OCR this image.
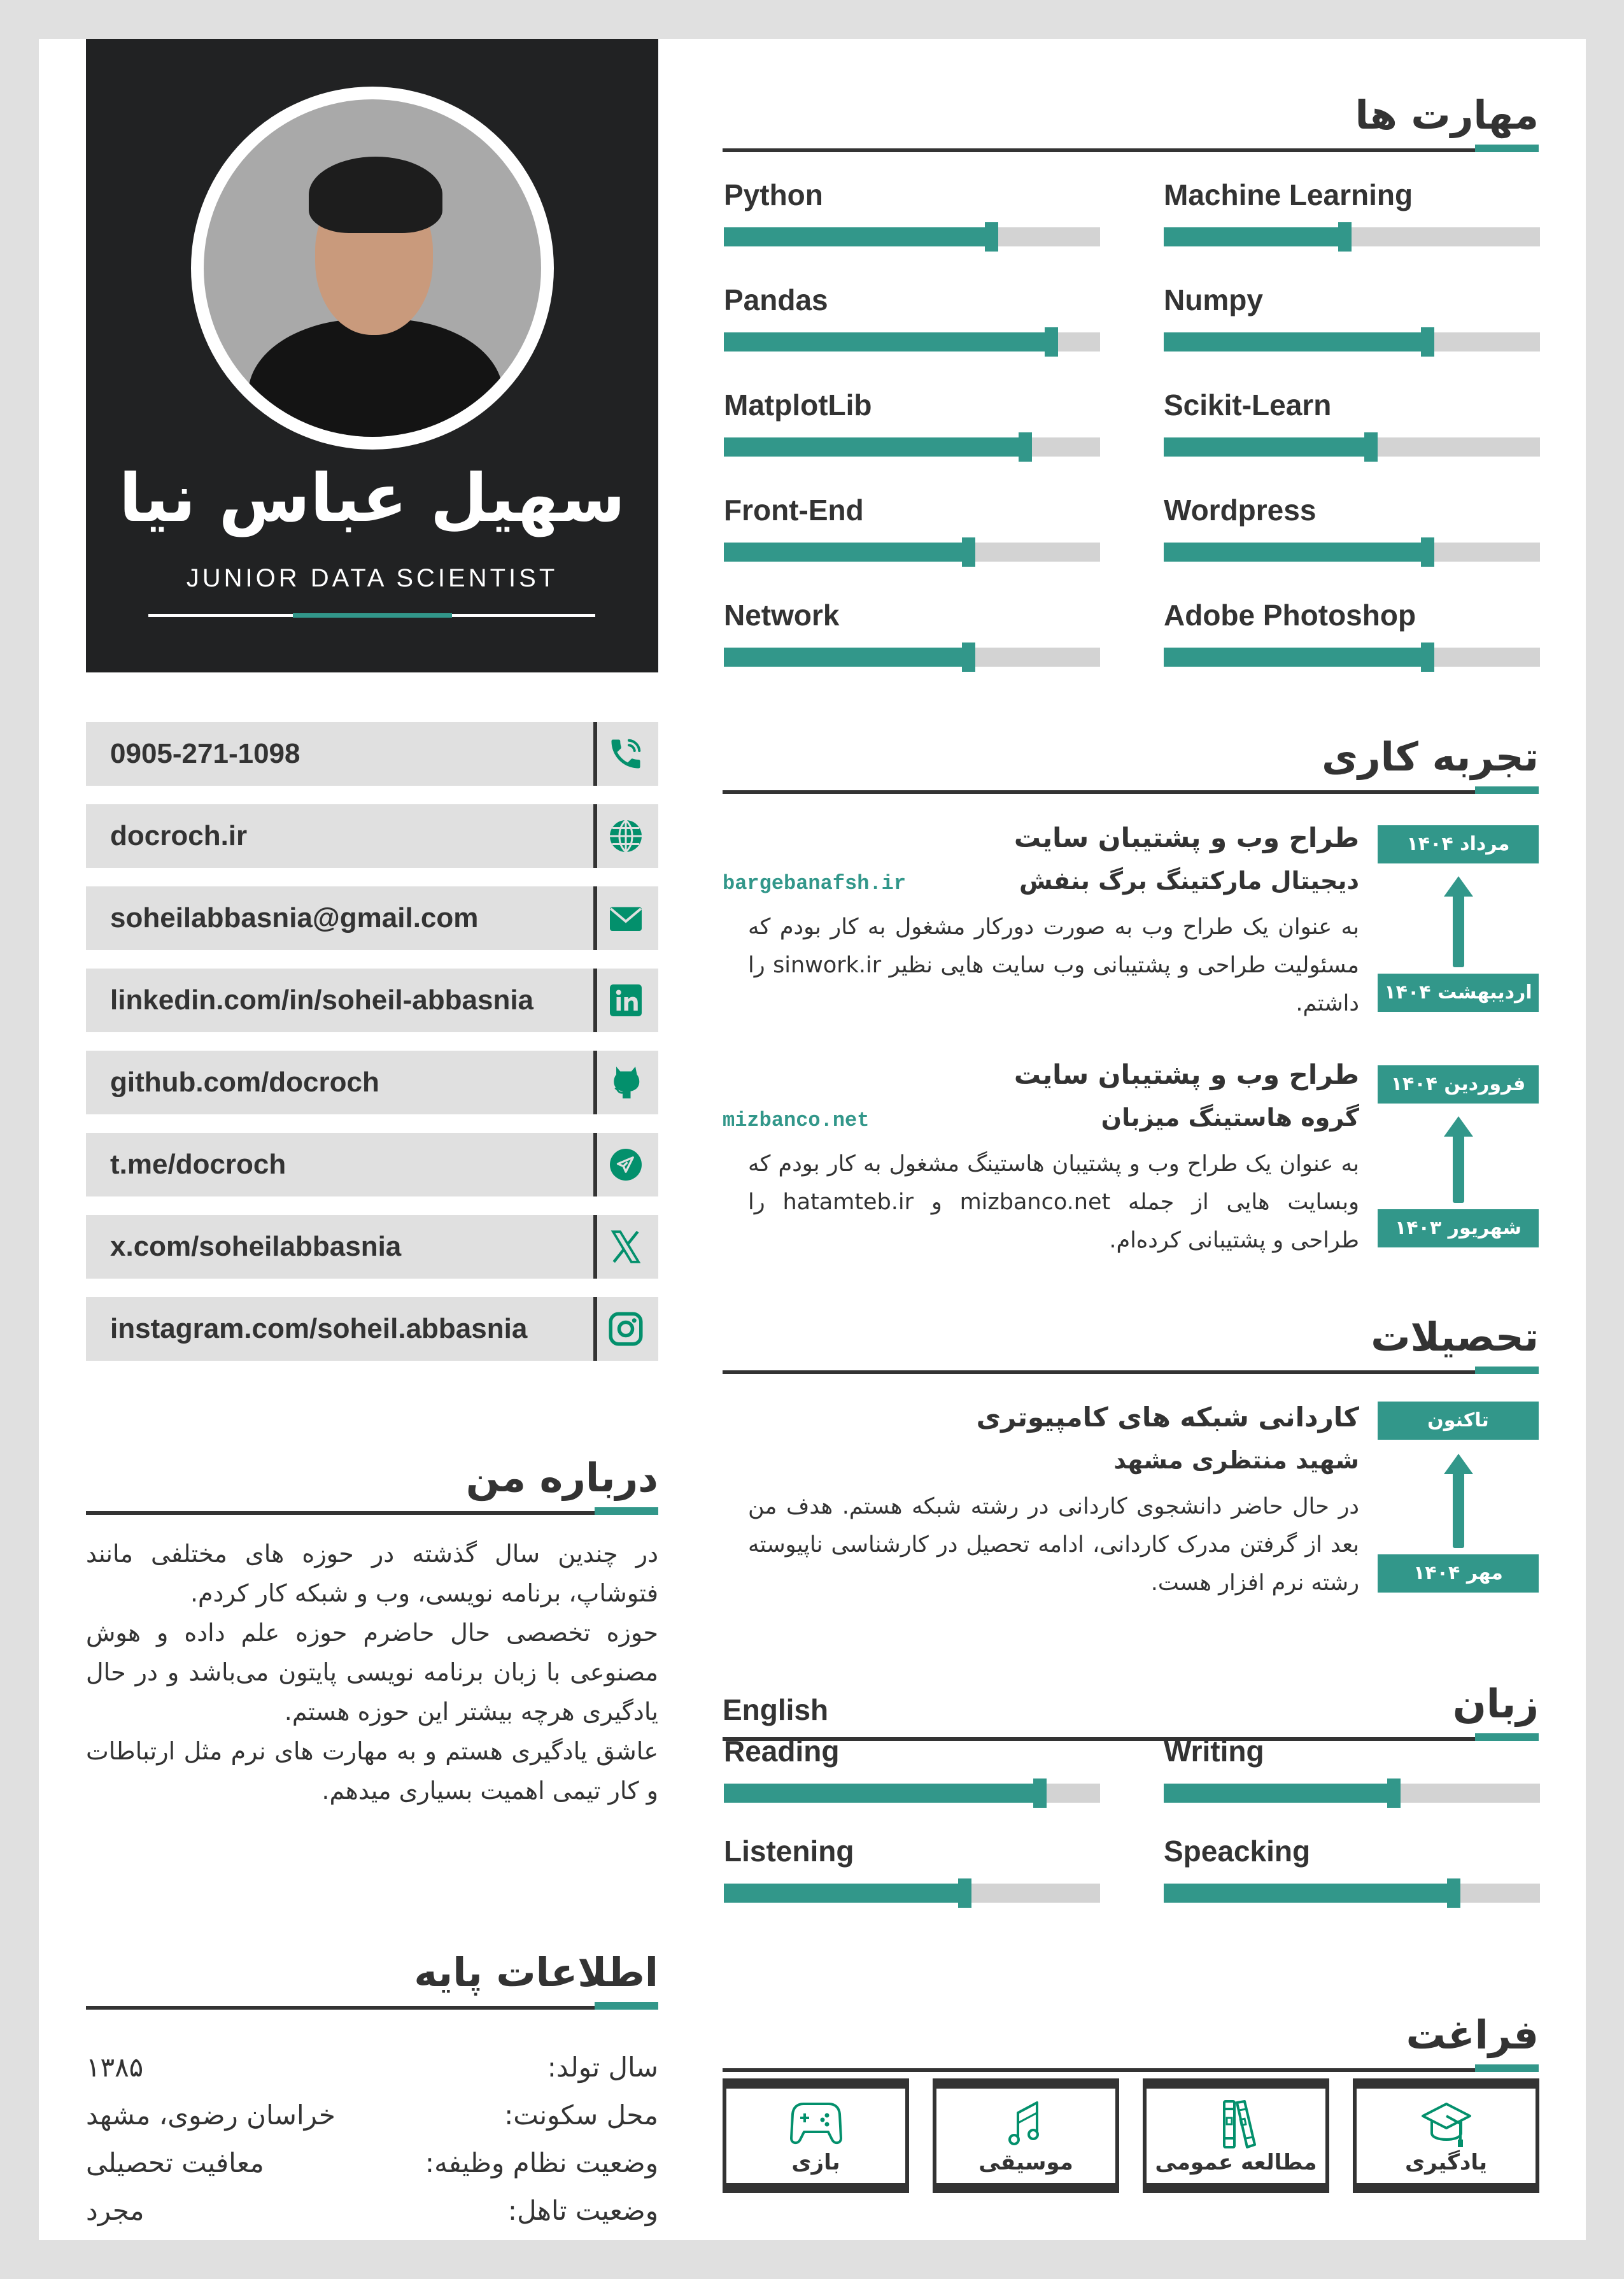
سهیل عباس نیا
JUNIOR DATA SCIENTIST
0905-271-1098
docroch.ir
soheilabbasnia@gmail.com
linkedin.com/in/soheil-abbasnia
github.com/docroch
t.me/docroch
x.com/soheilabbasnia
instagram.com/soheil.abbasnia
درباره من

در چندین سال گذشته در حوزه های مختلفی مانند فتوشاپ، برنامه نویسی، وب و شبکه کار کردم.

حوزه تخصصی حال حاضرم حوزه علم داده و هوش مصنوعی با زبان برنامه نویسی پایتون می‌باشد و در حال یادگیری هرچه بیشتر این حوزه هستم.

عاشق یادگیری هستم و به مهارت های نرم مثل ارتباطات و کار تیمی اهمیت بسیاری میدهم.

اطلاعات پایه
سال تولد:
۱۳۸۵
محل سکونت:
خراسان رضوی، مشهد
وضعیت نظام وظیفه:
معافیت تحصیلی
وضعیت تاهل:
مجرد
مهارت ها
Python	Machine Learning
Pandas	Numpy
MatplotLib	Scikit-Learn
Front-End	Wordpress
Network	Adobe Photoshop
تجربه کاری
طراح وب و پشتیبان سایت
دیجیتال مارکتینگ برگ بنفش
bargebanafsh.ir
به عنوان یک طراح وب به صورت دورکار مشغول به کار بودم که مسئولیت طراحی و پشتیبانی وب سایت هایی نظیر sinwork.ir را داشتم.
مرداد ۱۴۰۴
اردیبهشت ۱۴۰۴
طراح وب و پشتیبان سایت
گروه هاستینگ میزبان
mizbanco.net
به عنوان یک طراح وب و پشتیبان هاستینگ مشغول به کار بودم که وبسایت هایی از جمله mizbanco.net و hatamteb.ir را طراحی و پشتیبانی کرده‌ام.
فروردین ۱۴۰۴
شهریور ۱۴۰۳
تحصیلات
کاردانی شبکه های کامپیوتری
شهید منتظری مشهد
در حال حاضر دانشجوی کاردانی در رشته شبکه هستم. هدف من بعد از گرفتن مدرک کاردانی، ادامه تحصیل در کارشناسی ناپیوسته رشته نرم افزار هست.
تاکنون
مهر ۱۴۰۴
English	زبان
Reading	Writing
Listening	Speacking
فراغت
یادگیری
مطالعه عمومی
موسیقی
بازی
